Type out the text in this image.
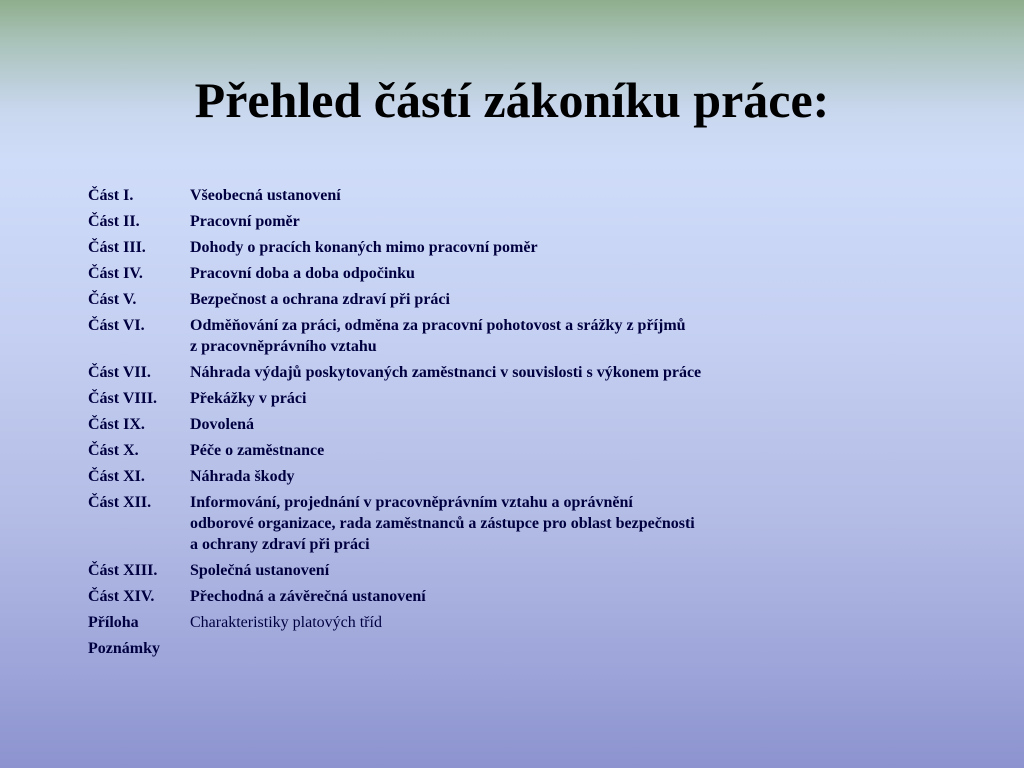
Přehled částí zákoníku práce:
Část I.	Všeobecná ustanovení
Část II.	Pracovní poměr
Část III.	Dohody o pracích konaných mimo pracovní poměr
Část IV.	Pracovní doba a doba odpočinku
Část V.	Bezpečnost a ochrana zdraví při práci
Část VI.	Odměňování za práci, odměna za pracovní pohotovost a srážky z příjmů
z pracovněprávního vztahu
Část VII.	Náhrada výdajů poskytovaných zaměstnanci v souvislosti s výkonem práce
Část VIII.	Překážky v práci
Část IX.	Dovolená
Část X.	Péče o zaměstnance
Část XI.	Náhrada škody
Část XII.	Informování, projednání v pracovněprávním vztahu a oprávnění
odborové organizace, rada zaměstnanců a zástupce pro oblast bezpečnosti
a ochrany zdraví při práci
Část XIII.	Společná ustanovení
Část XIV.	Přechodná a závěrečná ustanovení
Příloha	Charakteristiky platových tříd
Poznámky
